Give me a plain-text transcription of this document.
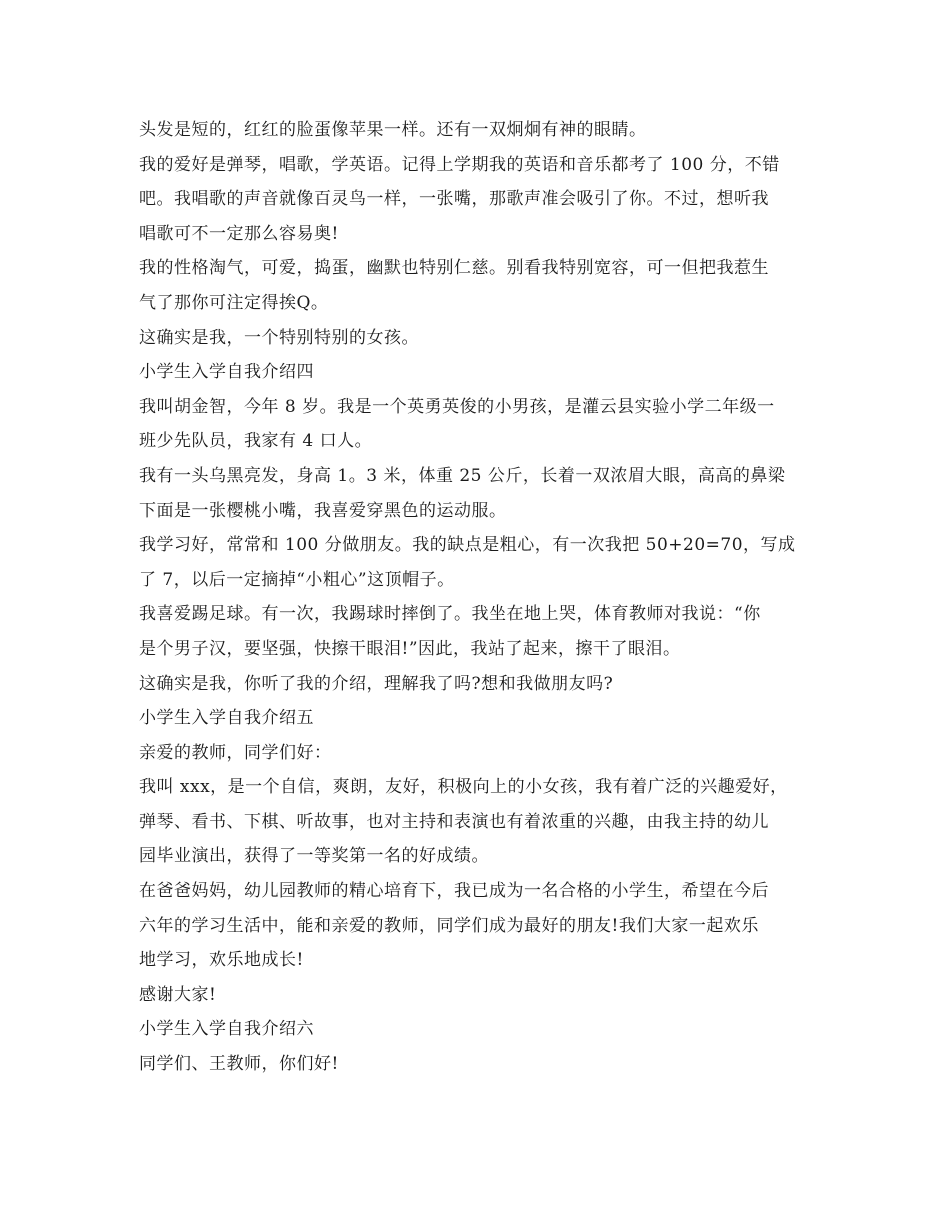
头发是短的，红红的脸蛋像苹果一样。还有一双炯炯有神的眼睛。
我的爱好是弹琴，唱歌，学英语。记得上学期我的英语和音乐都考了 100 分，不错
吧。我唱歌的声音就像百灵鸟一样，一张嘴，那歌声准会吸引了你。不过，想听我
唱歌可不一定那么容易奥!
我的性格淘气，可爱，捣蛋，幽默也特别仁慈。别看我特别宽容，可一但把我惹生
气了那你可注定得挨Q。
这确实是我，一个特别特别的女孩。
小学生入学自我介绍四
我叫胡金智，今年 8 岁。我是一个英勇英俊的小男孩，是灌云县实验小学二年级一
班少先队员，我家有 4 口人。
我有一头乌黑亮发，身高 1。3 米，体重 25 公斤，长着一双浓眉大眼，高高的鼻梁
下面是一张樱桃小嘴，我喜爱穿黑色的运动服。
我学习好，常常和 100 分做朋友。我的缺点是粗心，有一次我把 50+20=70，写成
了 7，以后一定摘掉“小粗心”这顶帽子。
我喜爱踢足球。有一次，我踢球时摔倒了。我坐在地上哭，体育教师对我说：“你
是个男子汉，要坚强，快擦干眼泪!”因此，我站了起来，擦干了眼泪。
这确实是我，你听了我的介绍，理解我了吗?想和我做朋友吗?
小学生入学自我介绍五
亲爱的教师，同学们好：
我叫 xxx，是一个自信，爽朗，友好，积极向上的小女孩，我有着广泛的兴趣爱好，
弹琴、看书、下棋、听故事，也对主持和表演也有着浓重的兴趣，由我主持的幼儿
园毕业演出，获得了一等奖第一名的好成绩。
在爸爸妈妈，幼儿园教师的精心培育下，我已成为一名合格的小学生，希望在今后
六年的学习生活中，能和亲爱的教师，同学们成为最好的朋友!我们大家一起欢乐
地学习，欢乐地成长!
感谢大家!
小学生入学自我介绍六
同学们、王教师，你们好!
